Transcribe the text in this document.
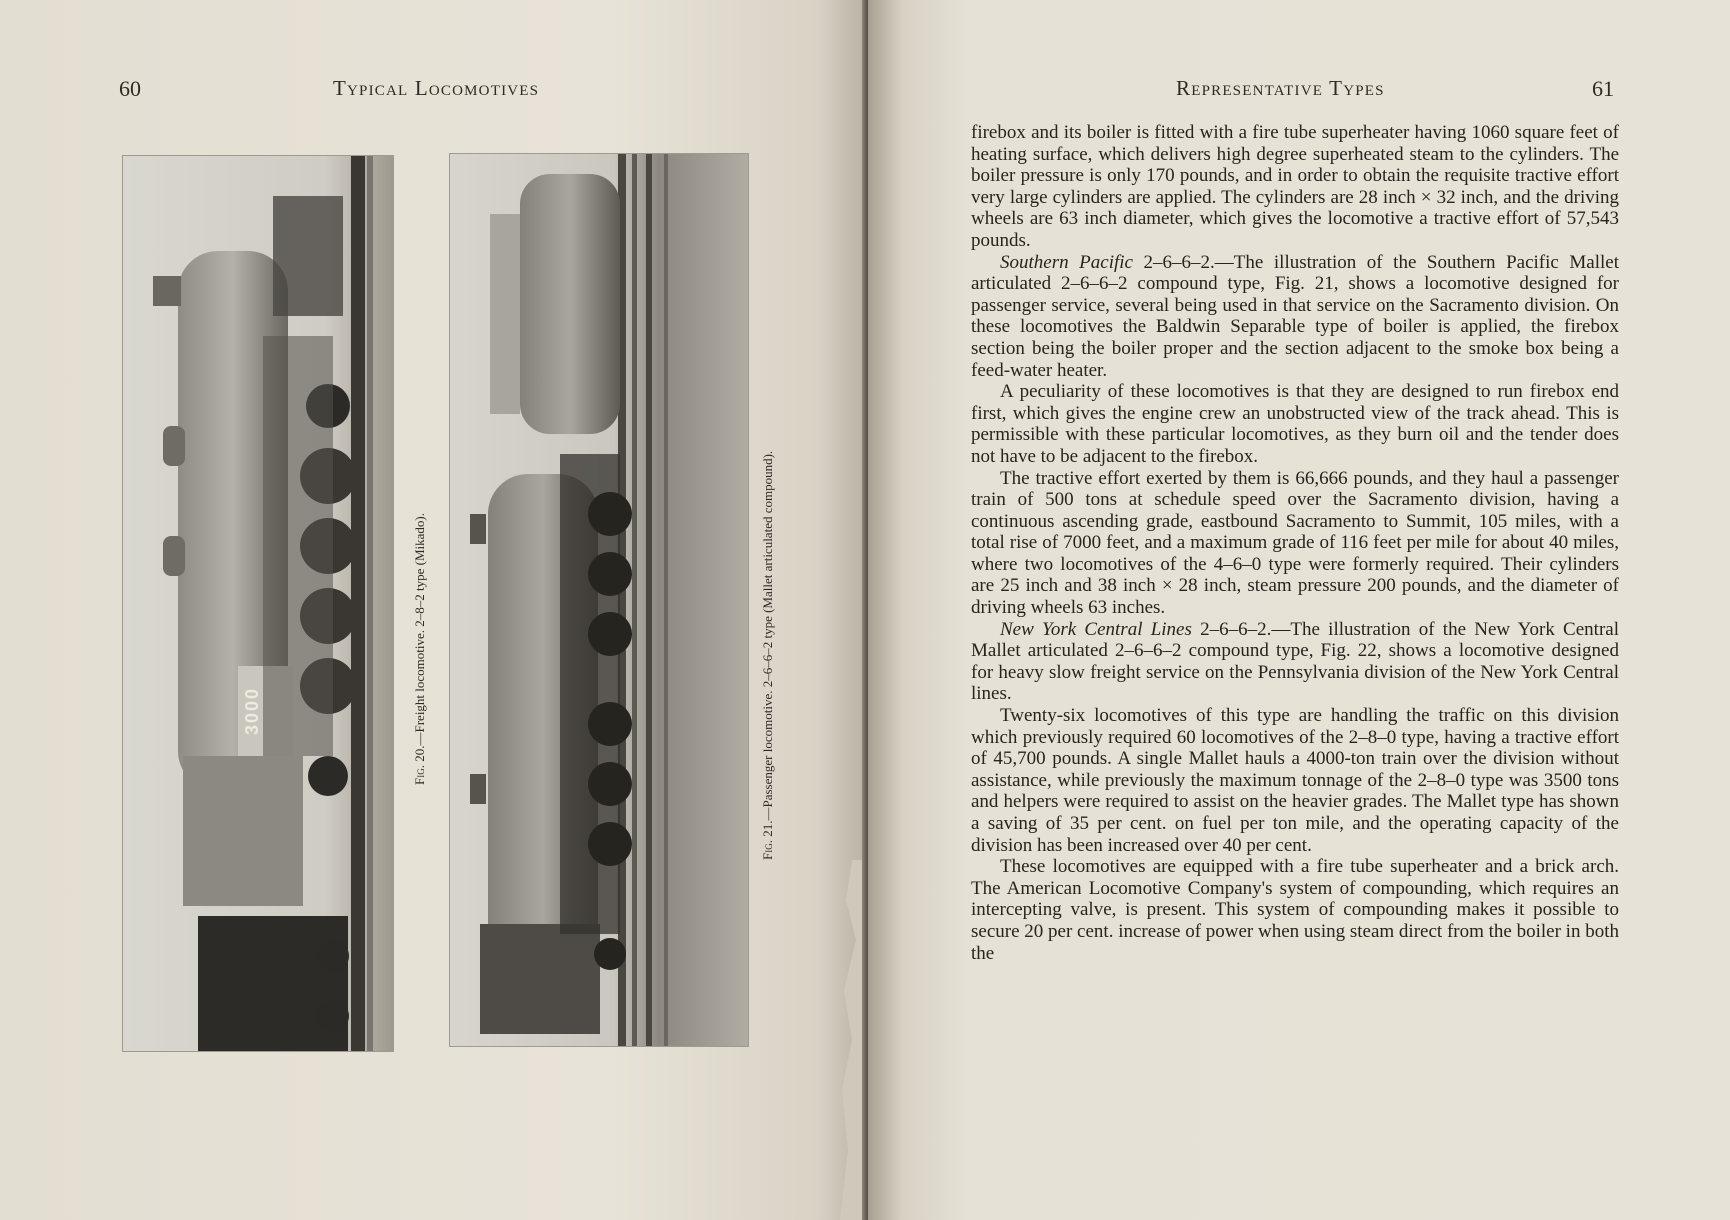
60	Typical Locomotives
Fig. 20.—Freight locomotive. 2–8–2 type (Mikado).
3000
Fig. 21.—Passenger locomotive. 2–6–6–2 type (Mallet articulated compound).
Representative Types	61

firebox and its boiler is fitted with a fire tube superheater having 1060 square feet of heating surface, which delivers high degree superheated steam to the cylinders. The boiler pressure is only 170 pounds, and in order to obtain the requisite tractive effort very large cylinders are applied. The cylinders are 28 inch × 32 inch, and the driving wheels are 63 inch diameter, which gives the locomotive a tractive effort of 57,543 pounds.

Southern Pacific 2–6–6–2.—The illustration of the Southern Pacific Mallet articulated 2–6–6–2 compound type, Fig. 21, shows a locomotive designed for passenger service, several being used in that service on the Sacramento division. On these locomotives the Baldwin Separable type of boiler is applied, the firebox section being the boiler proper and the section adjacent to the smoke box being a feed-water heater.

A peculiarity of these locomotives is that they are designed to run firebox end first, which gives the engine crew an unobstructed view of the track ahead. This is permissible with these particular locomotives, as they burn oil and the tender does not have to be adjacent to the firebox.

The tractive effort exerted by them is 66,666 pounds, and they haul a passenger train of 500 tons at schedule speed over the Sacramento division, having a continuous ascending grade, eastbound Sacramento to Summit, 105 miles, with a total rise of 7000 feet, and a maximum grade of 116 feet per mile for about 40 miles, where two locomotives of the 4–6–0 type were formerly required. Their cylinders are 25 inch and 38 inch × 28 inch, steam pressure 200 pounds, and the diameter of driving wheels 63 inches.

New York Central Lines 2–6–6–2.—The illustration of the New York Central Mallet articulated 2–6–6–2 compound type, Fig. 22, shows a locomotive designed for heavy slow freight service on the Pennsylvania division of the New York Central lines.

Twenty-six locomotives of this type are handling the traffic on this division which previously required 60 locomotives of the 2–8–0 type, having a tractive effort of 45,700 pounds. A single Mallet hauls a 4000-ton train over the division without assistance, while previously the maximum tonnage of the 2–8–0 type was 3500 tons and helpers were required to assist on the heavier grades. The Mallet type has shown a saving of 35 per cent. on fuel per ton mile, and the operating capacity of the division has been increased over 40 per cent.

These locomotives are equipped with a fire tube superheater and a brick arch. The American Locomotive Company's system of compounding, which requires an intercepting valve, is present. This system of compounding makes it possible to secure 20 per cent. increase of power when using steam direct from the boiler in both the
